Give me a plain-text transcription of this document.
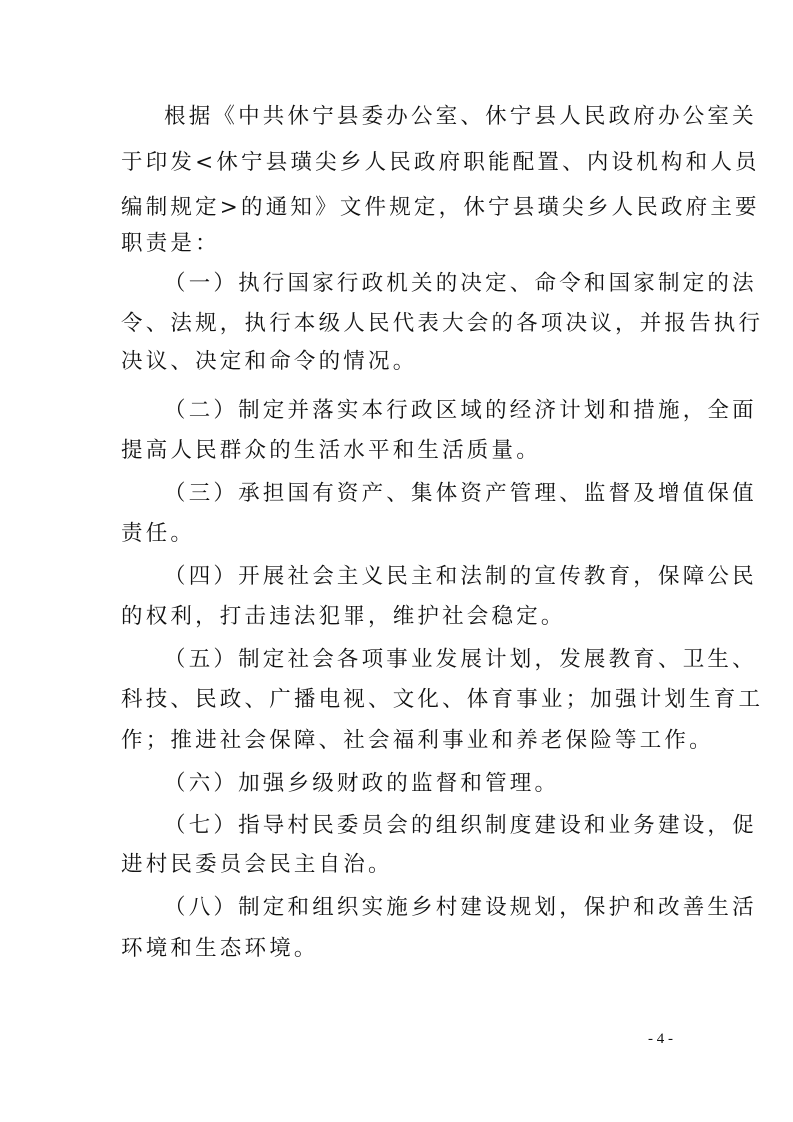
根据《中共休宁县委办公室、休宁县人民政府办公室关
于印发<休宁县璜尖乡人民政府职能配置、内设机构和人员
编制规定>的通知》文件规定，休宁县璜尖乡人民政府主要
职责是：
（一）执行国家行政机关的决定、命令和国家制定的法
令、法规，执行本级人民代表大会的各项决议，并报告执行
决议、决定和命令的情况。
（二）制定并落实本行政区域的经济计划和措施，全面
提高人民群众的生活水平和生活质量。
（三）承担国有资产、集体资产管理、监督及增值保值
责任。
（四）开展社会主义民主和法制的宣传教育，保障公民
的权利，打击违法犯罪，维护社会稳定。
（五）制定社会各项事业发展计划，发展教育、卫生、
科技、民政、广播电视、文化、体育事业；加强计划生育工
作；推进社会保障、社会福利事业和养老保险等工作。
（六）加强乡级财政的监督和管理。
（七）指导村民委员会的组织制度建设和业务建设，促
进村民委员会民主自治。
（八）制定和组织实施乡村建设规划，保护和改善生活
环境和生态环境。
- 4 -
